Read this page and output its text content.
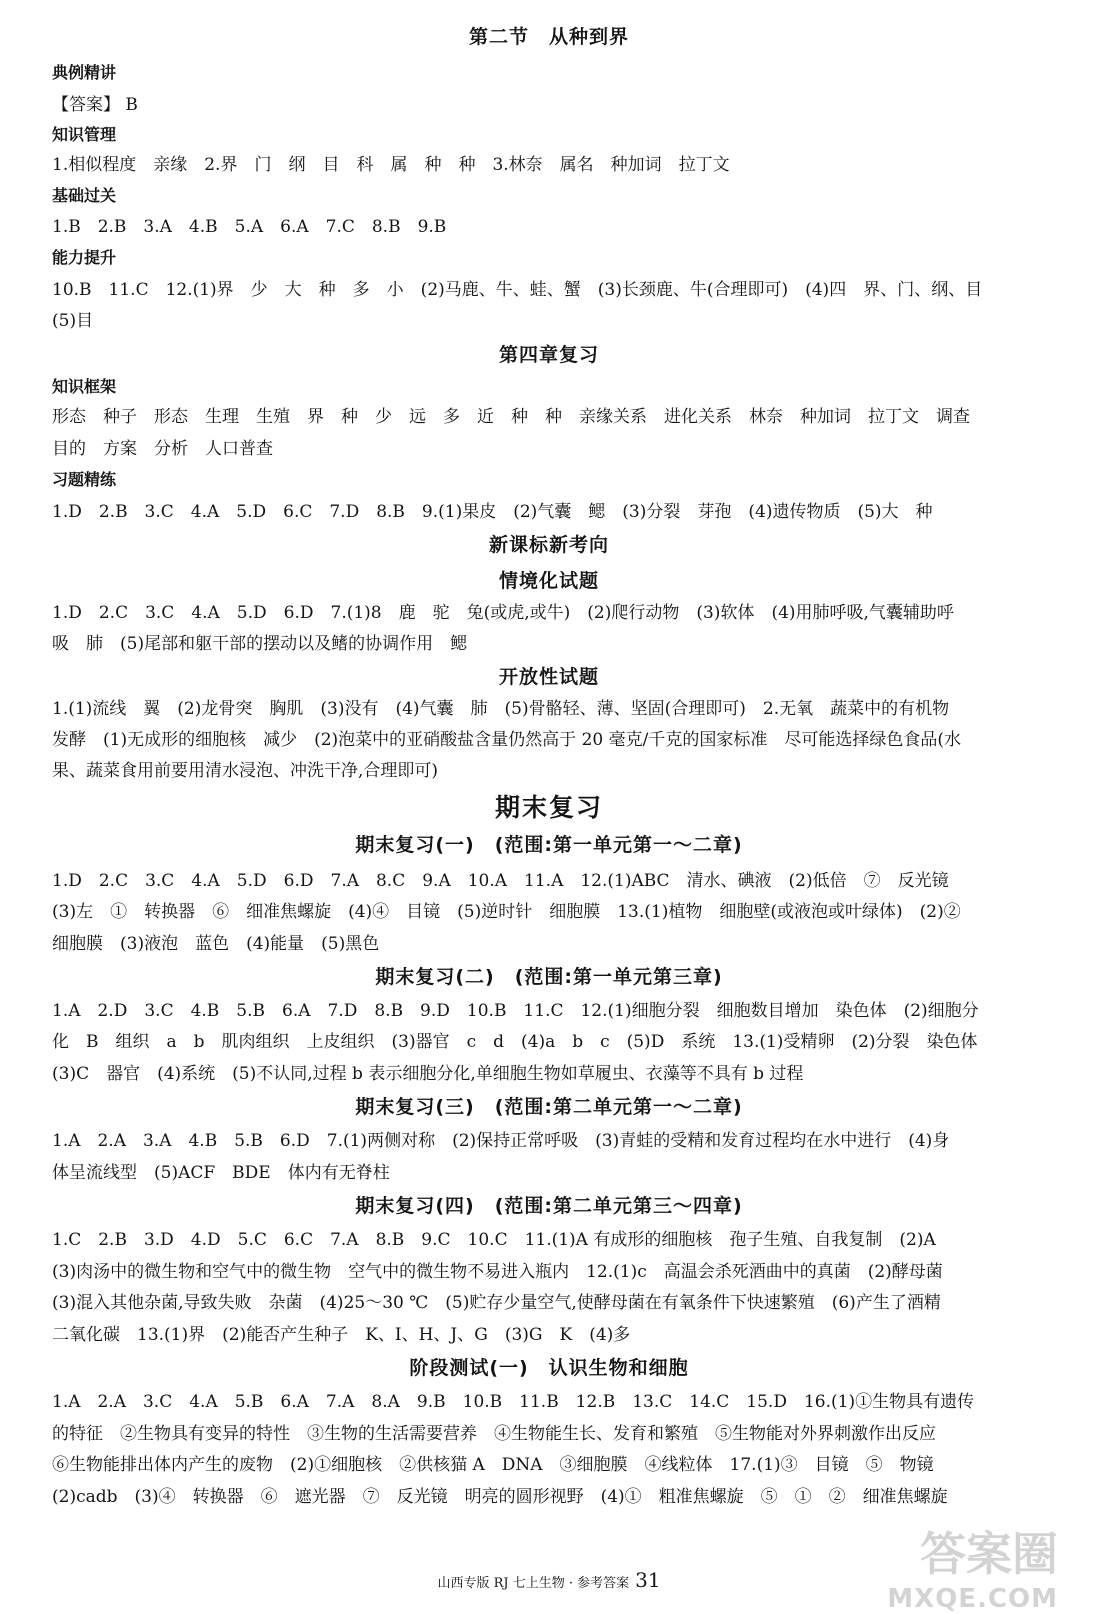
第二节　从种到界
典例精讲
【答案】 B
知识管理
1.相似程度　亲缘　2.界　门　纲　目　科　属　种　种　3.林奈　属名　种加词　拉丁文
基础过关
1.B　2.B　3.A　4.B　5.A　6.A　7.C　8.B　9.B
能力提升
10.B　11.C　12.(1)界　少　大　种　多　小　(2)马鹿、牛、蛙、蟹　(3)长颈鹿、牛(合理即可)　(4)四　界、门、纲、目
(5)目
第四章复习
知识框架
形态　种子　形态　生理　生殖　界　种　少　远　多　近　种　种　亲缘关系　进化关系　林奈　种加词　拉丁文　调查
目的　方案　分析　人口普查
习题精练
1.D　2.B　3.C　4.A　5.D　6.C　7.D　8.B　9.(1)果皮　(2)气囊　鳃　(3)分裂　芽孢　(4)遗传物质　(5)大　种
新课标新考向
情境化试题
1.D　2.C　3.C　4.A　5.D　6.D　7.(1)8　鹿　驼　兔(或虎,或牛)　(2)爬行动物　(3)软体　(4)用肺呼吸,气囊辅助呼
吸　肺　(5)尾部和躯干部的摆动以及鳍的协调作用　鳃
开放性试题
1.(1)流线　翼　(2)龙骨突　胸肌　(3)没有　(4)气囊　肺　(5)骨骼轻、薄、坚固(合理即可)　2.无氧　蔬菜中的有机物
发酵　(1)无成形的细胞核　减少　(2)泡菜中的亚硝酸盐含量仍然高于 20 毫克/千克的国家标准　尽可能选择绿色食品(水
果、蔬菜食用前要用清水浸泡、冲洗干净,合理即可)
期末复习
期末复习(一)　(范围:第一单元第一～二章)
1.D　2.C　3.C　4.A　5.D　6.D　7.A　8.C　9.A　10.A　11.A　12.(1)ABC　清水、碘液　(2)低倍　⑦　反光镜
(3)左　①　转换器　⑥　细准焦螺旋　(4)④　目镜　(5)逆时针　细胞膜　13.(1)植物　细胞壁(或液泡或叶绿体)　(2)②
细胞膜　(3)液泡　蓝色　(4)能量　(5)黑色
期末复习(二)　(范围:第一单元第三章)
1.A　2.D　3.C　4.B　5.B　6.A　7.D　8.B　9.D　10.B　11.C　12.(1)细胞分裂　细胞数目增加　染色体　(2)细胞分
化　B　组织　a　b　肌肉组织　上皮组织　(3)器官　c　d　(4)a　b　c　(5)D　系统　13.(1)受精卵　(2)分裂　染色体
(3)C　器官　(4)系统　(5)不认同,过程 b 表示细胞分化,单细胞生物如草履虫、衣藻等不具有 b 过程
期末复习(三)　(范围:第二单元第一～二章)
1.A　2.A　3.A　4.B　5.B　6.D　7.(1)两侧对称　(2)保持正常呼吸　(3)青蛙的受精和发育过程均在水中进行　(4)身
体呈流线型　(5)ACF　BDE　体内有无脊柱
期末复习(四)　(范围:第二单元第三～四章)
1.C　2.B　3.D　4.D　5.C　6.C　7.A　8.B　9.C　10.C　11.(1)A 有成形的细胞核　孢子生殖、自我复制　(2)A
(3)肉汤中的微生物和空气中的微生物　空气中的微生物不易进入瓶内　12.(1)c　高温会杀死酒曲中的真菌　(2)酵母菌
(3)混入其他杂菌,导致失败　杂菌　(4)25～30 ℃　(5)贮存少量空气,使酵母菌在有氧条件下快速繁殖　(6)产生了酒精
二氧化碳　13.(1)界　(2)能否产生种子　K、I、H、J、G　(3)G　K　(4)多
阶段测试(一)　认识生物和细胞
1.A　2.A　3.C　4.A　5.B　6.A　7.A　8.A　9.B　10.B　11.B　12.B　13.C　14.C　15.D　16.(1)①生物具有遗传
的特征　②生物具有变异的特性　③生物的生活需要营养　④生物能生长、发育和繁殖　⑤生物能对外界刺激作出反应
⑥生物能排出体内产生的废物　(2)①细胞核　②供核猫 A　DNA　③细胞膜　④线粒体　17.(1)③　目镜　⑤　物镜
(2)cadb　(3)④　转换器　⑥　遮光器　⑦　反光镜　明亮的圆形视野　(4)①　粗准焦螺旋　⑤　①　②　细准焦螺旋
山西专版 RJ 七上生物 · 参考答案 31	答案圈
MXQE.COM
